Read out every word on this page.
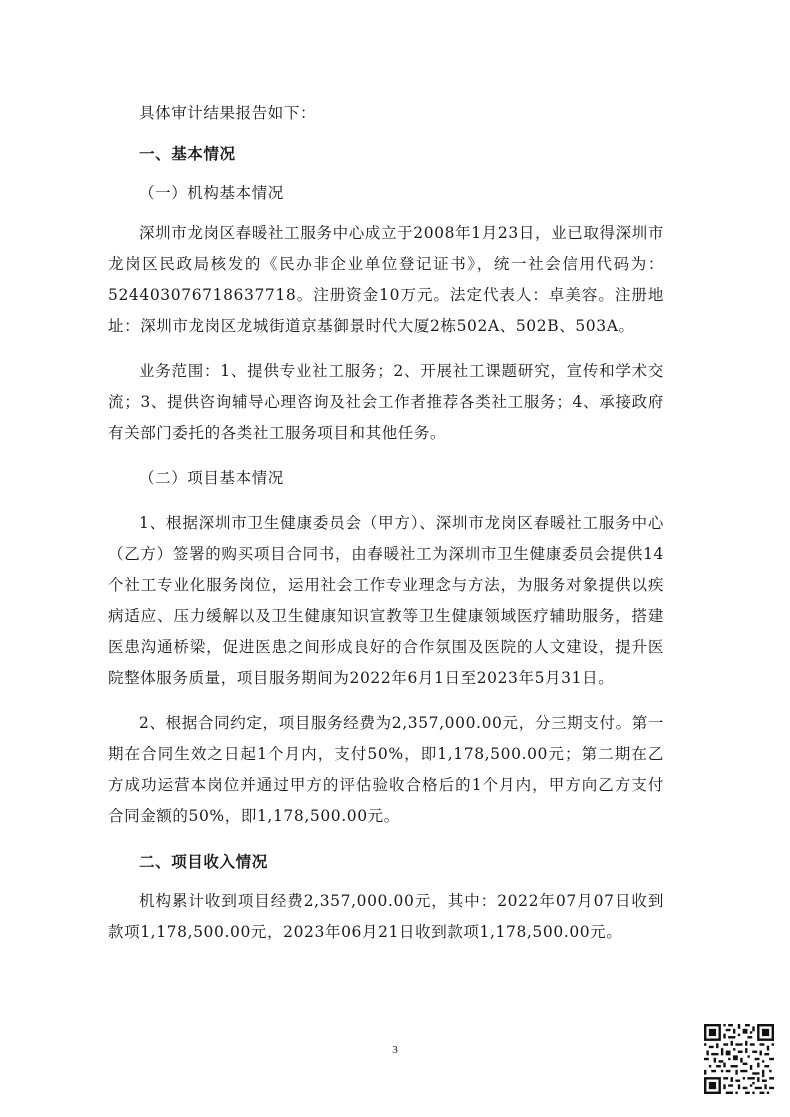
具体审计结果报告如下：

一、基本情况

（一）机构基本情况

深圳市龙岗区春暖社工服务中心成立于2008年1月23日，业已取得深圳市龙岗区民政局核发的《民办非企业单位登记证书》，统一社会信用代码为：524403076718637718。注册资金10万元。法定代表人：卓美容。注册地址：深圳市龙岗区龙城街道京基御景时代大厦2栋502A、502B、503A。

业务范围：1、提供专业社工服务；2、开展社工课题研究，宣传和学术交流；3、提供咨询辅导心理咨询及社会工作者推荐各类社工服务；4、承接政府有关部门委托的各类社工服务项目和其他任务。

（二）项目基本情况

1、根据深圳市卫生健康委员会（甲方）、深圳市龙岗区春暖社工服务中心（乙方）签署的购买项目合同书，由春暖社工为深圳市卫生健康委员会提供14个社工专业化服务岗位，运用社会工作专业理念与方法，为服务对象提供以疾病适应、压力缓解以及卫生健康知识宣教等卫生健康领域医疗辅助服务，搭建医患沟通桥梁，促进医患之间形成良好的合作氛围及医院的人文建设，提升医院整体服务质量，项目服务期间为2022年6月1日至2023年5月31日。

2、根据合同约定，项目服务经费为2,357,000.00元，分三期支付。第一期在合同生效之日起1个月内，支付50%，即1,178,500.00元；第二期在乙方成功运营本岗位并通过甲方的评估验收合格后的1个月内，甲方向乙方支付合同金额的50%，即1,178,500.00元。

二、项目收入情况

机构累计收到项目经费2,357,000.00元，其中：2022年07月07日收到款项1,178,500.00元，2023年06月21日收到款项1,178,500.00元。

3
